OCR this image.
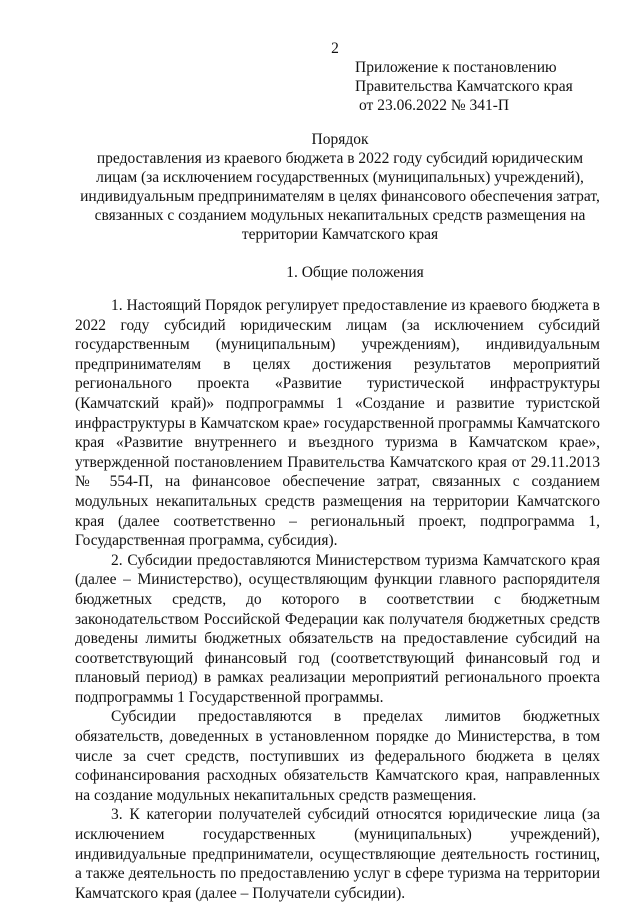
2
Приложение к постановлению
Правительства Камчатского края
от 23.06.2022 № 341-П
Порядок
предоставления из краевого бюджета в 2022 году субсидий юридическим
лицам (за исключением государственных (муниципальных) учреждений),
индивидуальным предпринимателям в целях финансового обеспечения затрат,
связанных с созданием модульных некапитальных средств размещения на
территории Камчатского края
1. Общие положения

1. Настоящий Порядок регулирует предоставление из краевого бюджета в 2022 году субсидий юридическим лицам (за исключением субсидий государственным (муниципальным) учреждениям), индивидуальным предпринимателям в целях достижения результатов мероприятий регионального проекта «Развитие туристической инфраструктуры (Камчатский край)» подпрограммы 1 «Создание и развитие туристской инфраструктуры в Камчатском крае» государственной программы Камчатского края «Развитие внутреннего и въездного туризма в Камчатском крае», утвержденной постановлением Правительства Камчатского края от 29.11.2013 № 554-П, на финансовое обеспечение затрат, связанных с созданием модульных некапитальных средств размещения на территории Камчатского края (далее соответственно – региональный проект, подпрограмма 1, Государственная программа, субсидия).

2. Субсидии предоставляются Министерством туризма Камчатского края (далее – Министерство), осуществляющим функции главного распорядителя бюджетных средств, до которого в соответствии с бюджетным законодательством Российской Федерации как получателя бюджетных средств доведены лимиты бюджетных обязательств на предоставление субсидий на соответствующий финансовый год (соответствующий финансовый год и плановый период) в рамках реализации мероприятий регионального проекта подпрограммы 1 Государственной программы.

Субсидии предоставляются в пределах лимитов бюджетных обязательств, доведенных в установленном порядке до Министерства, в том числе за счет средств, поступивших из федерального бюджета в целях софинансирования расходных обязательств Камчатского края, направленных на создание модульных некапитальных средств размещения.

3. К категории получателей субсидий относятся юридические лица (за исключением государственных (муниципальных) учреждений), индивидуальные предприниматели, осуществляющие деятельность гостиниц, а также деятельность по предоставлению услуг в сфере туризма на территории Камчатского края (далее – Получатели субсидии).
